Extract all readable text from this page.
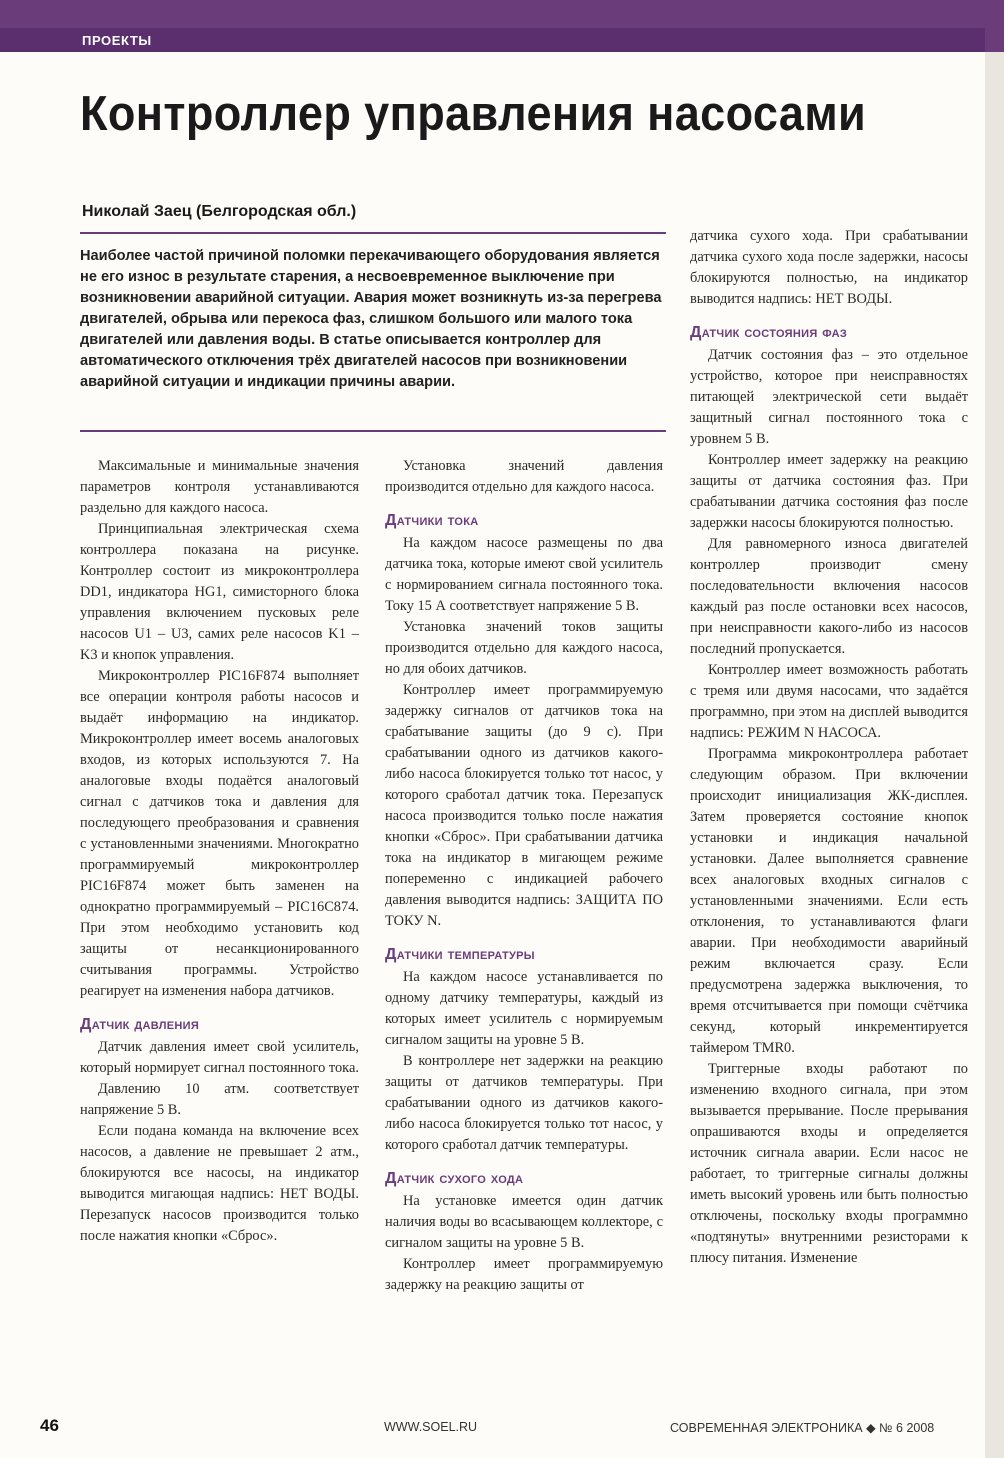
ПРОЕКТЫ
Контроллер управления насосами
Николай Заец (Белгородская обл.)

Наиболее частой причиной поломки перекачивающего оборудования является не его износ в результате старения, а несвоевременное выключение при возникновении аварийной ситуации. Авария может возникнуть из-за перегрева двигателей, обрыва или перекоса фаз, слишком большого или малого тока двигателей или давления воды. В статье описывается контроллер для автоматического отключения трёх двигателей насосов при возникновении аварийной ситуации и индикации причины аварии.

Максимальные и минимальные значения параметров контроля устанавливаются раздельно для каждого насоса.

Принципиальная электрическая схема контроллера показана на рисунке. Контроллер состоит из микроконтроллера DD1, индикатора HG1, симисторного блока управления включением пусковых реле насосов U1 – U3, самих реле насосов K1 – K3 и кнопок управления.

Микроконтроллер PIC16F874 выполняет все операции контроля работы насосов и выдаёт информацию на индикатор. Микроконтроллер имеет восемь аналоговых входов, из которых используются 7. На аналоговые входы подаётся аналоговый сигнал с датчиков тока и давления для последующего преобразования и сравнения с установленными значениями. Многократно программируемый микроконтроллер PIC16F874 может быть заменен на однократно программируемый – PIC16C874. При этом необходимо установить код защиты от несанкционированного считывания программы. Устройство реагирует на изменения набора датчиков.

Датчик давления

Датчик давления имеет свой усилитель, который нормирует сигнал постоянного тока.

Давлению 10 атм. соответствует напряжение 5 В.

Если подана команда на включение всех насосов, а давление не превышает 2 атм., блокируются все насосы, на индикатор выводится мигающая надпись: НЕТ ВОДЫ. Перезапуск насосов производится только после нажатия кнопки «Сброс».

Установка значений давления производится отдельно для каждого насоса.

Датчики тока

На каждом насосе размещены по два датчика тока, которые имеют свой усилитель с нормированием сигнала постоянного тока. Току 15 А соответствует напряжение 5 В.

Установка значений токов защиты производится отдельно для каждого насоса, но для обоих датчиков.

Контроллер имеет программируемую задержку сигналов от датчиков тока на срабатывание защиты (до 9 с). При срабатывании одного из датчиков какого-либо насоса блокируется только тот насос, у которого сработал датчик тока. Перезапуск насоса производится только после нажатия кнопки «Сброс». При срабатывании датчика тока на индикатор в мигающем режиме попеременно с индикацией рабочего давления выводится надпись: ЗАЩИТА ПО ТОКУ N.

Датчики температуры

На каждом насосе устанавливается по одному датчику температуры, каждый из которых имеет усилитель с нормируемым сигналом защиты на уровне 5 В.

В контроллере нет задержки на реакцию защиты от датчиков температуры. При срабатывании одного из датчиков какого-либо насоса блокируется только тот насос, у которого сработал датчик температуры.

Датчик сухого хода

На установке имеется один датчик наличия воды во всасывающем коллекторе, с сигналом защиты на уровне 5 В.

Контроллер имеет программируемую задержку на реакцию защиты от

датчика сухого хода. При срабатывании датчика сухого хода после задержки, насосы блокируются полностью, на индикатор выводится надпись: НЕТ ВОДЫ.

Датчик состояния фаз

Датчик состояния фаз – это отдельное устройство, которое при неисправностях питающей электрической сети выдаёт защитный сигнал постоянного тока с уровнем 5 В.

Контроллер имеет задержку на реакцию защиты от датчика состояния фаз. При срабатывании датчика состояния фаз после задержки насосы блокируются полностью.

Для равномерного износа двигателей контроллер производит смену последовательности включения насосов каждый раз после остановки всех насосов, при неисправности какого-либо из насосов последний пропускается.

Контроллер имеет возможность работать с тремя или двумя насосами, что задаётся программно, при этом на дисплей выводится надпись: РЕЖИМ N НАСОСА.

Программа микроконтроллера работает следующим образом. При включении происходит инициализация ЖК-дисплея. Затем проверяется состояние кнопок установки и индикация начальной установки. Далее выполняется сравнение всех аналоговых входных сигналов с установленными значениями. Если есть отклонения, то устанавливаются флаги аварии. При необходимости аварийный режим включается сразу. Если предусмотрена задержка выключения, то время отсчитывается при помощи счётчика секунд, который инкрементируется таймером TMR0.

Триггерные входы работают по изменению входного сигнала, при этом вызывается прерывание. После прерывания опрашиваются входы и определяется источник сигнала аварии. Если насос не работает, то триггерные сигналы должны иметь высокий уровень или быть полностью отключены, поскольку входы программно «подтянуты» внутренними резисторами к плюсу питания. Изменение

46	WWW.SOEL.RU	СОВРЕМЕННАЯ ЭЛЕКТРОНИКА ◆ № 6 2008
